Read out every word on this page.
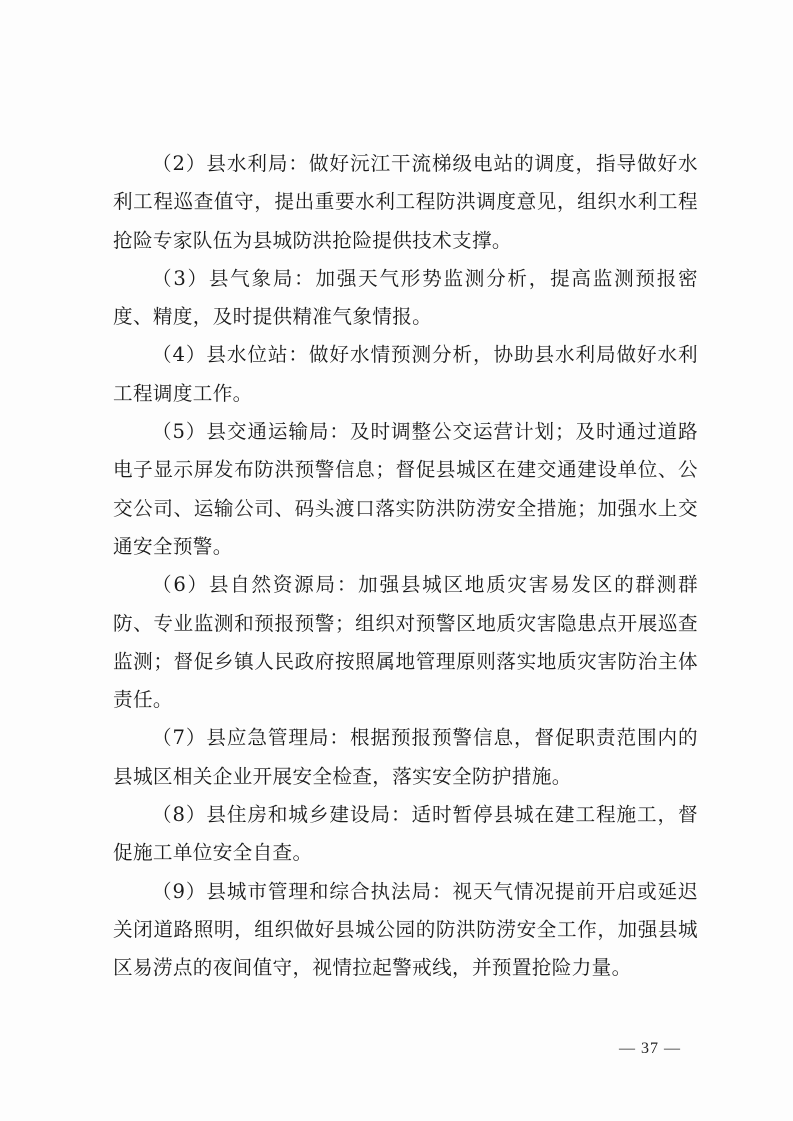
（2）县水利局：做好沅江干流梯级电站的调度，指导做好水利工程巡查值守，提出重要水利工程防洪调度意见，组织水利工程抢险专家队伍为县城防洪抢险提供技术支撑。

（3）县气象局：加强天气形势监测分析，提高监测预报密度、精度，及时提供精准气象情报。

（4）县水位站：做好水情预测分析，协助县水利局做好水利工程调度工作。

（5）县交通运输局：及时调整公交运营计划；及时通过道路电子显示屏发布防洪预警信息；督促县城区在建交通建设单位、公交公司、运输公司、码头渡口落实防洪防涝安全措施；加强水上交通安全预警。

（6）县自然资源局：加强县城区地质灾害易发区的群测群防、专业监测和预报预警；组织对预警区地质灾害隐患点开展巡查监测；督促乡镇人民政府按照属地管理原则落实地质灾害防治主体责任。

（7）县应急管理局：根据预报预警信息，督促职责范围内的县城区相关企业开展安全检查，落实安全防护措施。

（8）县住房和城乡建设局：适时暂停县城在建工程施工，督促施工单位安全自查。

（9）县城市管理和综合执法局：视天气情况提前开启或延迟关闭道路照明，组织做好县城公园的防洪防涝安全工作，加强县城区易涝点的夜间值守，视情拉起警戒线，并预置抢险力量。

— 37 —
